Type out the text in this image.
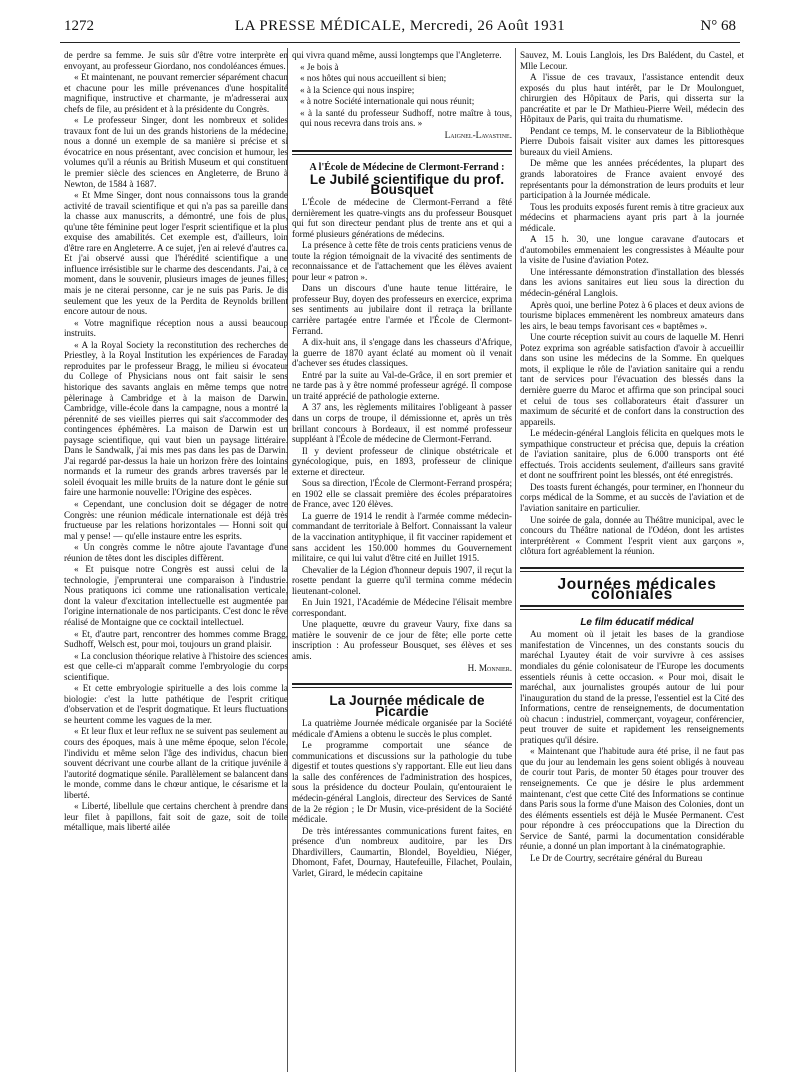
1272	LA PRESSE MÉDICALE, Mercredi, 26 Août 1931	N° 68

de perdre sa femme. Je suis sûr d'être votre interprète en envoyant, au professeur Giordano, nos condoléances émues.

« Et maintenant, ne pouvant remercier séparément chacun et chacune pour les mille prévenances d'une hospitalité magnifique, instructive et charmante, je m'adresserai aux chefs de file, au président et à la présidente du Congrès.

« Le professeur Singer, dont les nombreux et solides travaux font de lui un des grands historiens de la médecine, nous a donné un exemple de sa manière si précise et si évocatrice en nous présentant, avec concision et humour, les volumes qu'il a réunis au British Museum et qui constituent le premier siècle des sciences en Angleterre, de Bruno à Newton, de 1584 à 1687.

« Et Mme Singer, dont nous connaissons tous la grande activité de travail scientifique et qui n'a pas sa pareille dans la chasse aux manuscrits, a démontré, une fois de plus, qu'une tête féminine peut loger l'esprit scientifique et la plus exquise des amabilités. Cet exemple est, d'ailleurs, loin d'être rare en Angleterre. A ce sujet, j'en ai relevé d'autres ca. Et j'ai observé aussi que l'hérédité scientifique a une influence irrésistible sur le charme des descendants. J'ai, à ce moment, dans le souvenir, plusieurs images de jeunes filles; mais je ne citerai personne, car je ne suis pas Paris. Je dis seulement que les yeux de la Perdita de Reynolds brillent encore autour de nous.

« Votre magnifique réception nous a aussi beaucoup instruits.

« A la Royal Society la reconstitution des recherches de Priestley, à la Royal Institution les expériences de Faraday reproduites par le professeur Bragg, le milieu si évocateur du College of Physicians nous ont fait saisir le sens historique des savants anglais en même temps que notre pèlerinage à Cambridge et à la maison de Darwin. Cambridge, ville-école dans la campagne, nous a montré la pérennité de ses vieilles pierres qui sait s'accommoder des contingences éphémères. La maison de Darwin est un paysage scientifique, qui vaut bien un paysage littéraire. Dans le Sandwalk, j'ai mis mes pas dans les pas de Darwin. J'ai regardé par-dessus la haie un horizon frère des lointains normands et la rumeur des grands arbres traversés par le soleil évoquait les mille bruits de la nature dont le génie sut faire une harmonie nouvelle: l'Origine des espèces.

« Cependant, une conclusion doit se dégager de notre Congrès: une réunion médicale internationale est déjà très fructueuse par les relations horizontales — Honni soit qui mal y pense! — qu'elle instaure entre les esprits.

« Un congrès comme le nôtre ajoute l'avantage d'une réunion de têtes dont les disciples diffèrent.

« Et puisque notre Congrès est aussi celui de la technologie, j'emprunterai une comparaison à l'industrie. Nous pratiquons ici comme une rationalisation verticale, dont la valeur d'excitation intellectuelle est augmentée par l'origine internationale de nos participants. C'est donc le rêve réalisé de Montaigne que ce cocktail intellectuel.

« Et, d'autre part, rencontrer des hommes comme Bragg, Sudhoff, Welsch est, pour moi, toujours un grand plaisir.

« La conclusion théorique relative à l'histoire des sciences est que celle-ci m'apparaît comme l'embryologie du corps scientifique.

« Et cette embryologie spirituelle a des lois comme la biologie: c'est la lutte pathétique de l'esprit critique d'observation et de l'esprit dogmatique. Et leurs fluctuations se heurtent comme les vagues de la mer.

« Et leur flux et leur reflux ne se suivent pas seulement au cours des époques, mais à une même époque, selon l'école, l'individu et même selon l'âge des individus, chacun bien souvent décrivant une courbe allant de la critique juvénile à l'autorité dogmatique sénile. Parallèlement se balancent dans le monde, comme dans le chœur antique, le césarisme et la liberté.

« Liberté, libellule que certains cherchent à prendre dans leur filet à papillons, fait soit de gaze, soit de toile métallique, mais liberté ailée

qui vivra quand même, aussi longtemps que l'Angleterre.

« Je bois à

« nos hôtes qui nous accueillent si bien;

« à la Science qui nous inspire;

« à notre Société internationale qui nous réunit;

« à la santé du professeur Sudhoff, notre maître à tous, qui nous recevra dans trois ans. »

Laignel-Lavastine.

A l'École de Médecine de Clermont-Ferrand :

Le Jubilé scientifique du prof. Bousquet

L'École de médecine de Clermont-Ferrand a fêté dernièrement les quatre-vingts ans du professeur Bousquet qui fut son directeur pendant plus de trente ans et qui a formé plusieurs générations de médecins.

La présence à cette fête de trois cents praticiens venus de toute la région témoignait de la vivacité des sentiments de reconnaissance et de l'attachement que les élèves avaient pour leur « patron ».

Dans un discours d'une haute tenue littéraire, le professeur Buy, doyen des professeurs en exercice, exprima ses sentiments au jubilaire dont il retraça la brillante carrière partagée entre l'armée et l'École de Clermont-Ferrand.

A dix-huit ans, il s'engage dans les chasseurs d'Afrique, la guerre de 1870 ayant éclaté au moment où il venait d'achever ses études classiques.

Entré par la suite au Val-de-Grâce, il en sort premier et ne tarde pas à y être nommé professeur agrégé. Il compose un traité apprécié de pathologie externe.

A 37 ans, les règlements militaires l'obligeant à passer dans un corps de troupe, il démissionne et, après un très brillant concours à Bordeaux, il est nommé professeur suppléant à l'École de médecine de Clermont-Ferrand.

Il y devient professeur de clinique obstétricale et gynécologique, puis, en 1893, professeur de clinique externe et directeur.

Sous sa direction, l'École de Clermont-Ferrand prospéra; en 1902 elle se classait première des écoles préparatoires de France, avec 120 élèves.

La guerre de 1914 le rendit à l'armée comme médecin-commandant de territoriale à Belfort. Connaissant la valeur de la vaccination antityphique, il fit vacciner rapidement et sans accident les 150.000 hommes du Gouvernement militaire, ce qui lui valut d'être cité en Juillet 1915.

Chevalier de la Légion d'honneur depuis 1907, il reçut la rosette pendant la guerre qu'il termina comme médecin lieutenant-colonel.

En Juin 1921, l'Académie de Médecine l'élisait membre correspondant.

Une plaquette, œuvre du graveur Vaury, fixe dans sa matière le souvenir de ce jour de fête; elle porte cette inscription : Au professeur Bousquet, ses élèves et ses amis.

H. Monnier.

La Journée médicale de Picardie

La quatrième Journée médicale organisée par la Société médicale d'Amiens a obtenu le succès le plus complet.

Le programme comportait une séance de communications et discussions sur la pathologie du tube digestif et toutes questions s'y rapportant. Elle eut lieu dans la salle des conférences de l'administration des hospices, sous la présidence du docteur Poulain, qu'entouraient le médecin-général Langlois, directeur des Services de Santé de la 2e région ; le Dr Musin, vice-président de la Société médicale.

De très intéressantes communications furent faites, en présence d'un nombreux auditoire, par les Drs Dhardivillers, Caumartin, Blondel, Boyeldieu, Niéger, Dhomont, Fafet, Dournay, Hautefeuille, Filachet, Poulain, Varlet, Girard, le médecin capitaine

Sauvez, M. Louis Langlois, les Drs Balédent, du Castel, et Mlle Lecour.

A l'issue de ces travaux, l'assistance entendit deux exposés du plus haut intérêt, par le Dr Moulonguet, chirurgien des Hôpitaux de Paris, qui disserta sur la pancréatite et par le Dr Mathieu-Pierre Weil, médecin des Hôpitaux de Paris, qui traita du rhumatisme.

Pendant ce temps, M. le conservateur de la Bibliothèque Pierre Dubois faisait visiter aux dames les pittoresques bureaux du vieil Amiens.

De même que les années précédentes, la plupart des grands laboratoires de France avaient envoyé des représentants pour la démonstration de leurs produits et leur participation à la Journée médicale.

Tous les produits exposés furent remis à titre gracieux aux médecins et pharmaciens ayant pris part à la journée médicale.

A 15 h. 30, une longue caravane d'autocars et d'automobiles emmenaient les congressistes à Méaulte pour la visite de l'usine d'aviation Potez.

Une intéressante démonstration d'installation des blessés dans les avions sanitaires eut lieu sous la direction du médecin-général Langlois.

Après quoi, une berline Potez à 6 places et deux avions de tourisme biplaces emmenèrent les nombreux amateurs dans les airs, le beau temps favorisant ces « baptêmes ».

Une courte réception suivit au cours de laquelle M. Henri Potez exprima son agréable satisfaction d'avoir à accueillir dans son usine les médecins de la Somme. En quelques mots, il explique le rôle de l'aviation sanitaire qui a rendu tant de services pour l'évacuation des blessés dans la dernière guerre du Maroc et affirma que son principal souci et celui de tous ses collaborateurs était d'assurer un maximum de sécurité et de confort dans la construction des appareils.

Le médecin-général Langlois félicita en quelques mots le sympathique constructeur et précisa que, depuis la création de l'aviation sanitaire, plus de 6.000 transports ont été effectués. Trois accidents seulement, d'ailleurs sans gravité et dont ne souffrirent point les blessés, ont été enregistrés.

Des toasts furent échangés, pour terminer, en l'honneur du corps médical de la Somme, et au succès de l'aviation et de l'aviation sanitaire en particulier.

Une soirée de gala, donnée au Théâtre municipal, avec le concours du Théâtre national de l'Odéon, dont les artistes interprétèrent « Comment l'esprit vient aux garçons », clôtura fort agréablement la réunion.

Journées médicales coloniales

Le film éducatif médical

Au moment où il jetait les bases de la grandiose manifestation de Vincennes, un des constants soucis du maréchal Lyautey était de voir survivre à ces assises mondiales du génie colonisateur de l'Europe les documents essentiels réunis à cette occasion. « Pour moi, disait le maréchal, aux journalistes groupés autour de lui pour l'inauguration du stand de la presse, l'essentiel est la Cité des Informations, centre de renseignements, de documentation où chacun : industriel, commerçant, voyageur, conférencier, peut trouver de suite et rapidement les renseignements pratiques qu'il désire.

« Maintenant que l'habitude aura été prise, il ne faut pas que du jour au lendemain les gens soient obligés à nouveau de courir tout Paris, de monter 50 étages pour trouver des renseignements. Ce que je désire le plus ardemment maintenant, c'est que cette Cité des Informations se continue dans Paris sous la forme d'une Maison des Colonies, dont un des éléments essentiels est déjà le Musée Permanent. C'est pour répondre à ces préoccupations que la Direction du Service de Santé, parmi la documentation considérable réunie, a donné un plan important à la cinématographie.

Le Dr de Courtry, secrétaire général du Bureau
